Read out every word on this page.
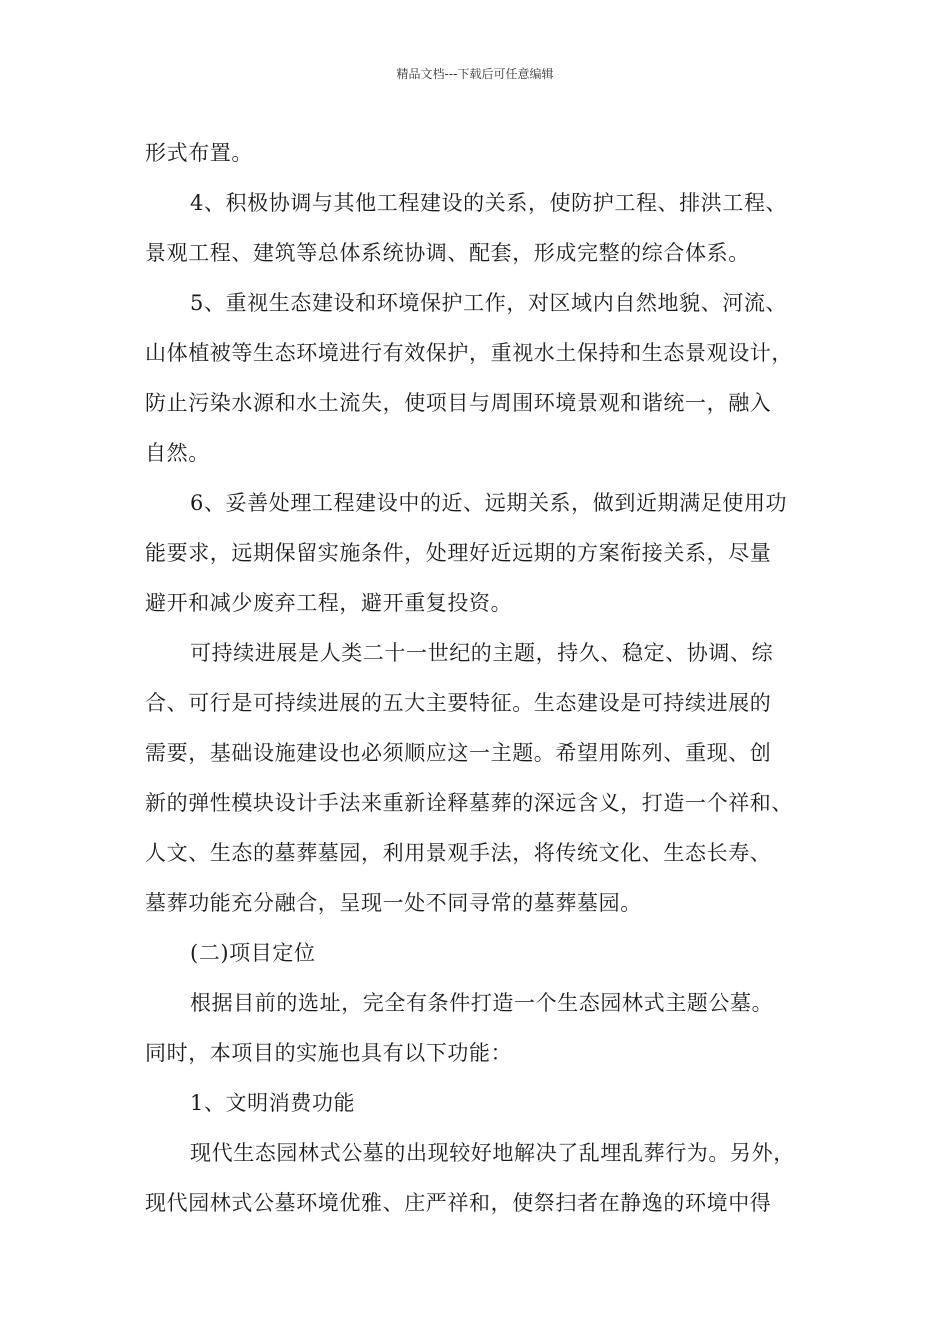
精品文档---下载后可任意编辑
形式布置。
4、积极协调与其他工程建设的关系，使防护工程、排洪工程、
景观工程、建筑等总体系统协调、配套，形成完整的综合体系。
5、重视生态建设和环境保护工作，对区域内自然地貌、河流、
山体植被等生态环境进行有效保护，重视水土保持和生态景观设计，
防止污染水源和水土流失，使项目与周围环境景观和谐统一，融入
自然。
6、妥善处理工程建设中的近、远期关系，做到近期满足使用功
能要求，远期保留实施条件，处理好近远期的方案衔接关系，尽量
避开和减少废弃工程，避开重复投资。
可持续进展是人类二十一世纪的主题，持久、稳定、协调、综
合、可行是可持续进展的五大主要特征。生态建设是可持续进展的
需要，基础设施建设也必须顺应这一主题。希望用陈列、重现、创
新的弹性模块设计手法来重新诠释墓葬的深远含义，打造一个祥和、
人文、生态的墓葬墓园，利用景观手法，将传统文化、生态长寿、
墓葬功能充分融合，呈现一处不同寻常的墓葬墓园。
(二)项目定位
根据目前的选址，完全有条件打造一个生态园林式主题公墓。
同时，本项目的实施也具有以下功能：
1、文明消费功能
现代生态园林式公墓的出现较好地解决了乱埋乱葬行为。另外，
现代园林式公墓环境优雅、庄严祥和，使祭扫者在静逸的环境中得
